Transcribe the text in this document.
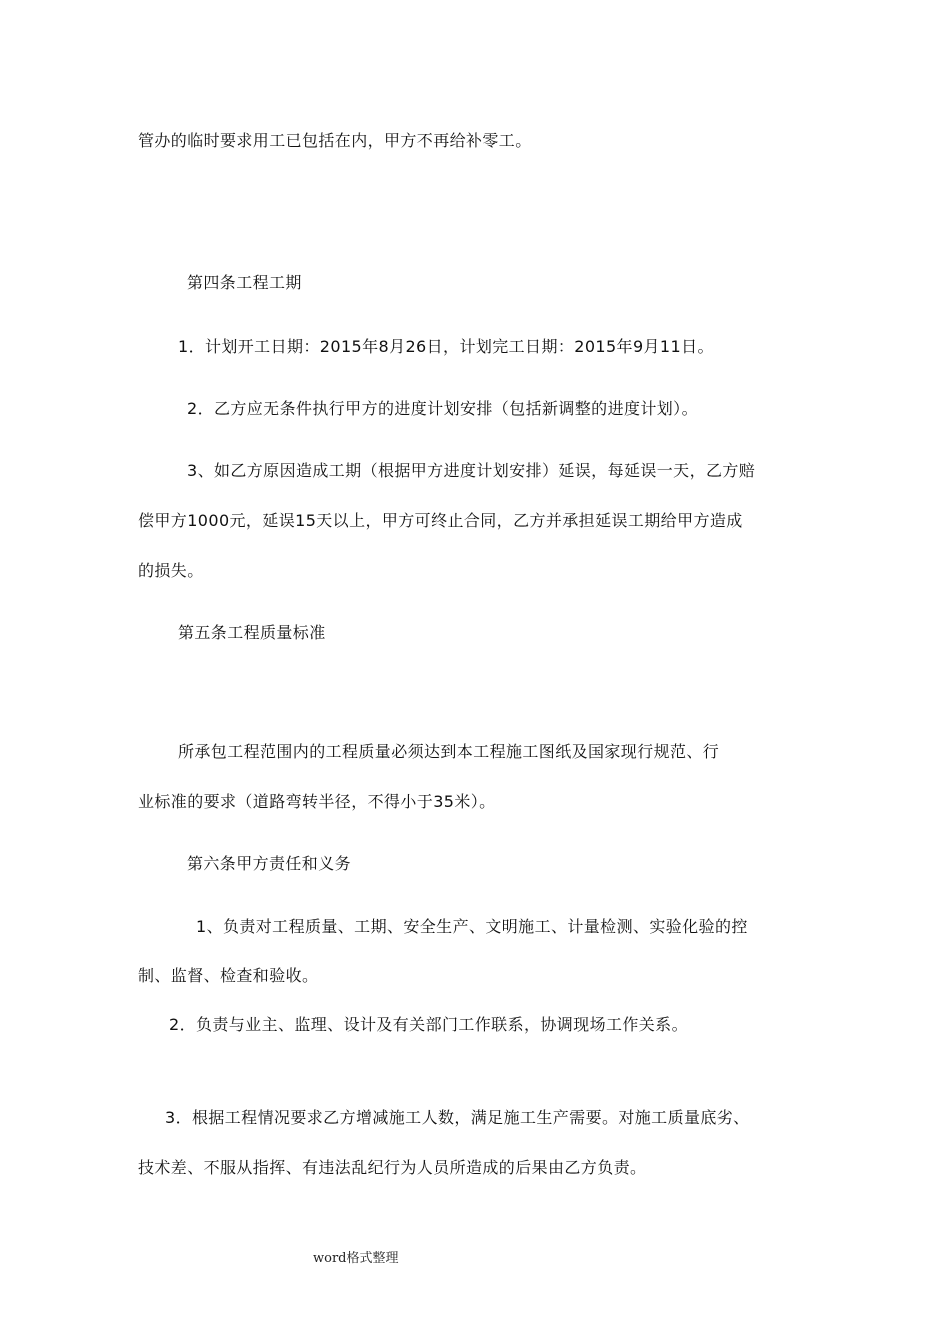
管办的临时要求用工已包括在内，甲方不再给补零工。
第四条工程工期
1．计划开工日期：2015年8月26日，计划完工日期：2015年9月11日。
2．乙方应无条件执行甲方的进度计划安排（包括新调整的进度计划）。
3、如乙方原因造成工期（根据甲方进度计划安排）延误，每延误一天，乙方赔
偿甲方1000元，延误15天以上，甲方可终止合同，乙方并承担延误工期给甲方造成
的损失。
第五条工程质量标准
所承包工程范围内的工程质量必须达到本工程施工图纸及国家现行规范、行
业标准的要求（道路弯转半径，不得小于35米）。
第六条甲方责任和义务
1、负责对工程质量、工期、安全生产、文明施工、计量检测、实验化验的控
制、监督、检查和验收。
2．负责与业主、监理、设计及有关部门工作联系，协调现场工作关系。
3．根据工程情况要求乙方增减施工人数，满足施工生产需要。对施工质量底劣、
技术差、不服从指挥、有违法乱纪行为人员所造成的后果由乙方负责。
word格式整理
